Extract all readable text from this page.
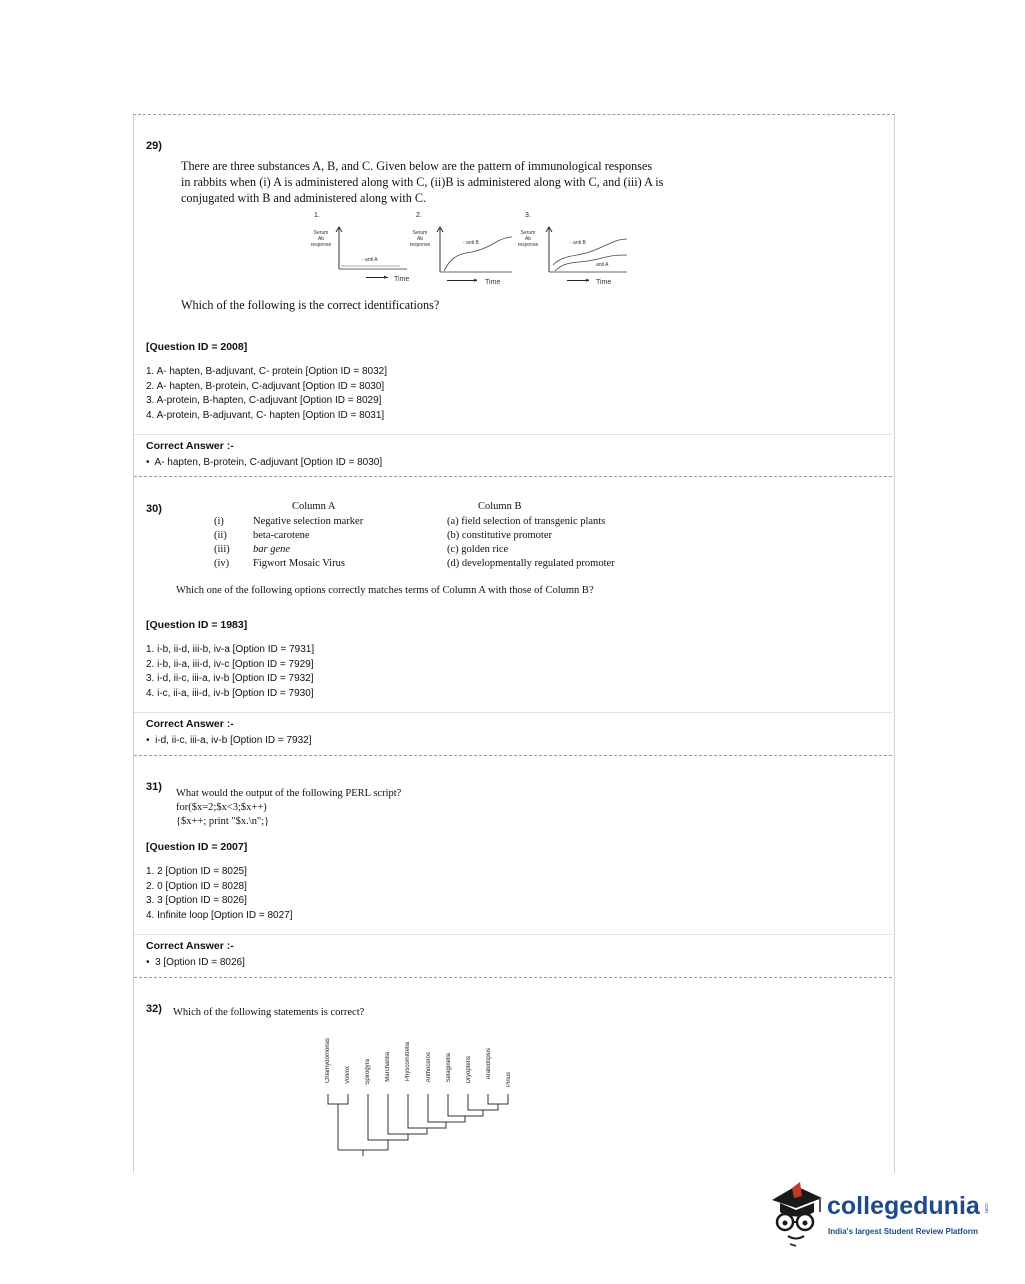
29)
There are three substances A, B, and C. Given below are the pattern of immunological responses
in rabbits when (i) A is administered along with C, (ii)B is administered along with C, and (iii) A is
conjugated with B and administered along with C.
1.
Serum
Ab
response
- anti A
▸ Time
2.
Serum
Ab
response	- anti B
▸ Time
3.
Serum
Ab
response	- anti B
anti A
▸ Time
Which of the following is the correct identifications?
[Question ID = 2008]
1. A- hapten, B-adjuvant, C- protein [Option ID = 8032]
2. A- hapten, B-protein, C-adjuvant [Option ID = 8030]
3. A-protein, B-hapten, C-adjuvant [Option ID = 8029]
4. A-protein, B-adjuvant, C- hapten [Option ID = 8031]
Correct Answer :-
•  A- hapten, B-protein, C-adjuvant [Option ID = 8030]
30)	Column A	Column B
(i)	Negative selection marker	(a) field selection of transgenic plants
(ii) beta-carotene	(b) constitutive promoter
(iii) bar gene	(c) golden rice
(iv) Figwort Mosaic Virus	(d) developmentally regulated promoter
Which one of the following options correctly matches terms of Column A with those of Column B?
[Question ID = 1983]
1. i-b, ii-d, iii-b, iv-a [Option ID = 7931]
2. i-b, ii-a, iii-d, iv-c [Option ID = 7929]
3. i-d, ii-c, iii-a, iv-b [Option ID = 7932]
4. i-c, ii-a, iii-d, iv-b [Option ID = 7930]
Correct Answer :-
•  i-d, ii-c, iii-a, iv-b [Option ID = 7932]
31)
What would the output of the following PERL script?
for($x=2;$x<3;$x++)
{$x++; print "$x.\n";}
[Question ID = 2007]
1. 2 [Option ID = 8025]
2. 0 [Option ID = 8028]
3. 3 [Option ID = 8026]
4. Infinite loop [Option ID = 8027]
Correct Answer :-
•  3 [Option ID = 8026]
32) Which of the following statements is correct?
Chlamydomonas Volvox Spirogyra Marchantia Physcomitrella	Anthoceros Selaginella Dryopteris Arabidopsis
Pinus
collegedunia .com
India's largest Student Review Platform
